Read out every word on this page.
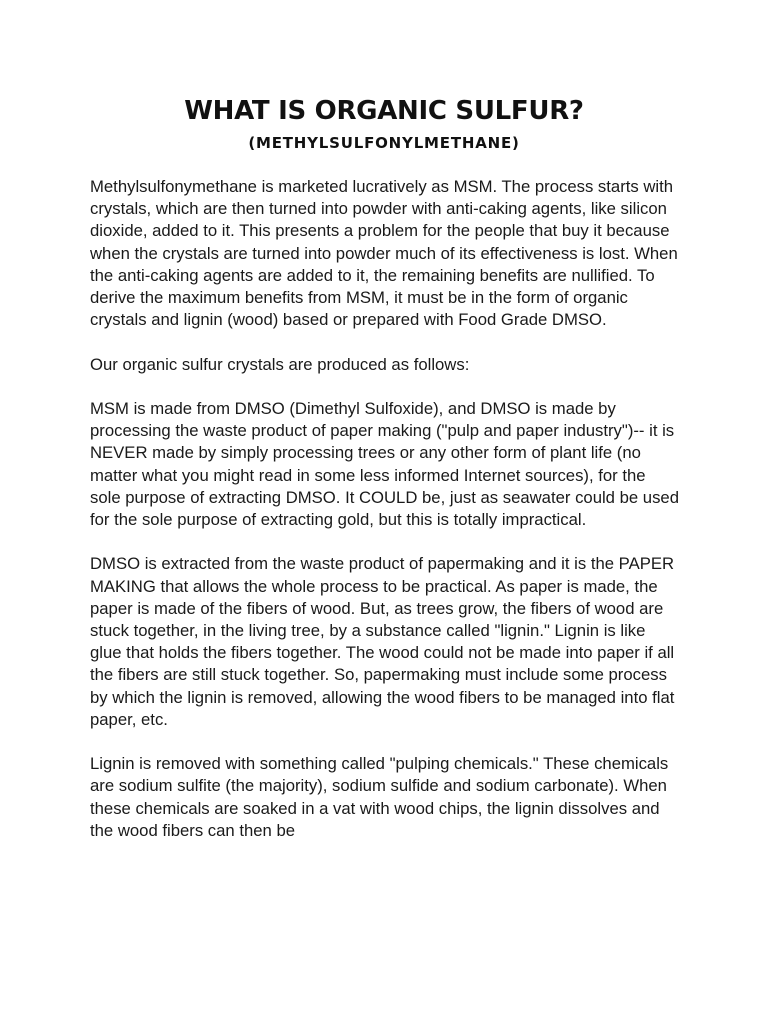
WHAT IS ORGANIC SULFUR?
(METHYLSULFONYLMETHANE)

Methylsulfonymethane is marketed lucratively as MSM. The process starts with crystals, which are then turned into powder with anti-caking agents, like silicon dioxide, added to it. This presents a problem for the people that buy it because when the crystals are turned into powder much of its effectiveness is lost. When the anti-caking agents are added to it, the remaining benefits are nullified. To derive the maximum benefits from MSM, it must be in the form of organic crystals and lignin (wood) based or prepared with Food Grade DMSO.

Our organic sulfur crystals are produced as follows:

MSM is made from DMSO (Dimethyl Sulfoxide), and DMSO is made by processing the waste product of paper making ("pulp and paper industry")-- it is NEVER made by simply processing trees or any other form of plant life (no matter what you might read in some less informed Internet sources), for the sole purpose of extracting DMSO. It COULD be, just as seawater could be used for the sole purpose of extracting gold, but this is totally impractical.

DMSO is extracted from the waste product of papermaking and it is the PAPER MAKING that allows the whole process to be practical. As paper is made, the paper is made of the fibers of wood. But, as trees grow, the fibers of wood are stuck together, in the living tree, by a substance called "lignin." Lignin is like glue that holds the fibers together. The wood could not be made into paper if all the fibers are still stuck together. So, papermaking must include some process by which the lignin is removed, allowing the wood fibers to be managed into flat paper, etc.

Lignin is removed with something called "pulping chemicals." These chemicals are sodium sulfite (the majority), sodium sulfide and sodium carbonate). When these chemicals are soaked in a vat with wood chips, the lignin dissolves and the wood fibers can then be
